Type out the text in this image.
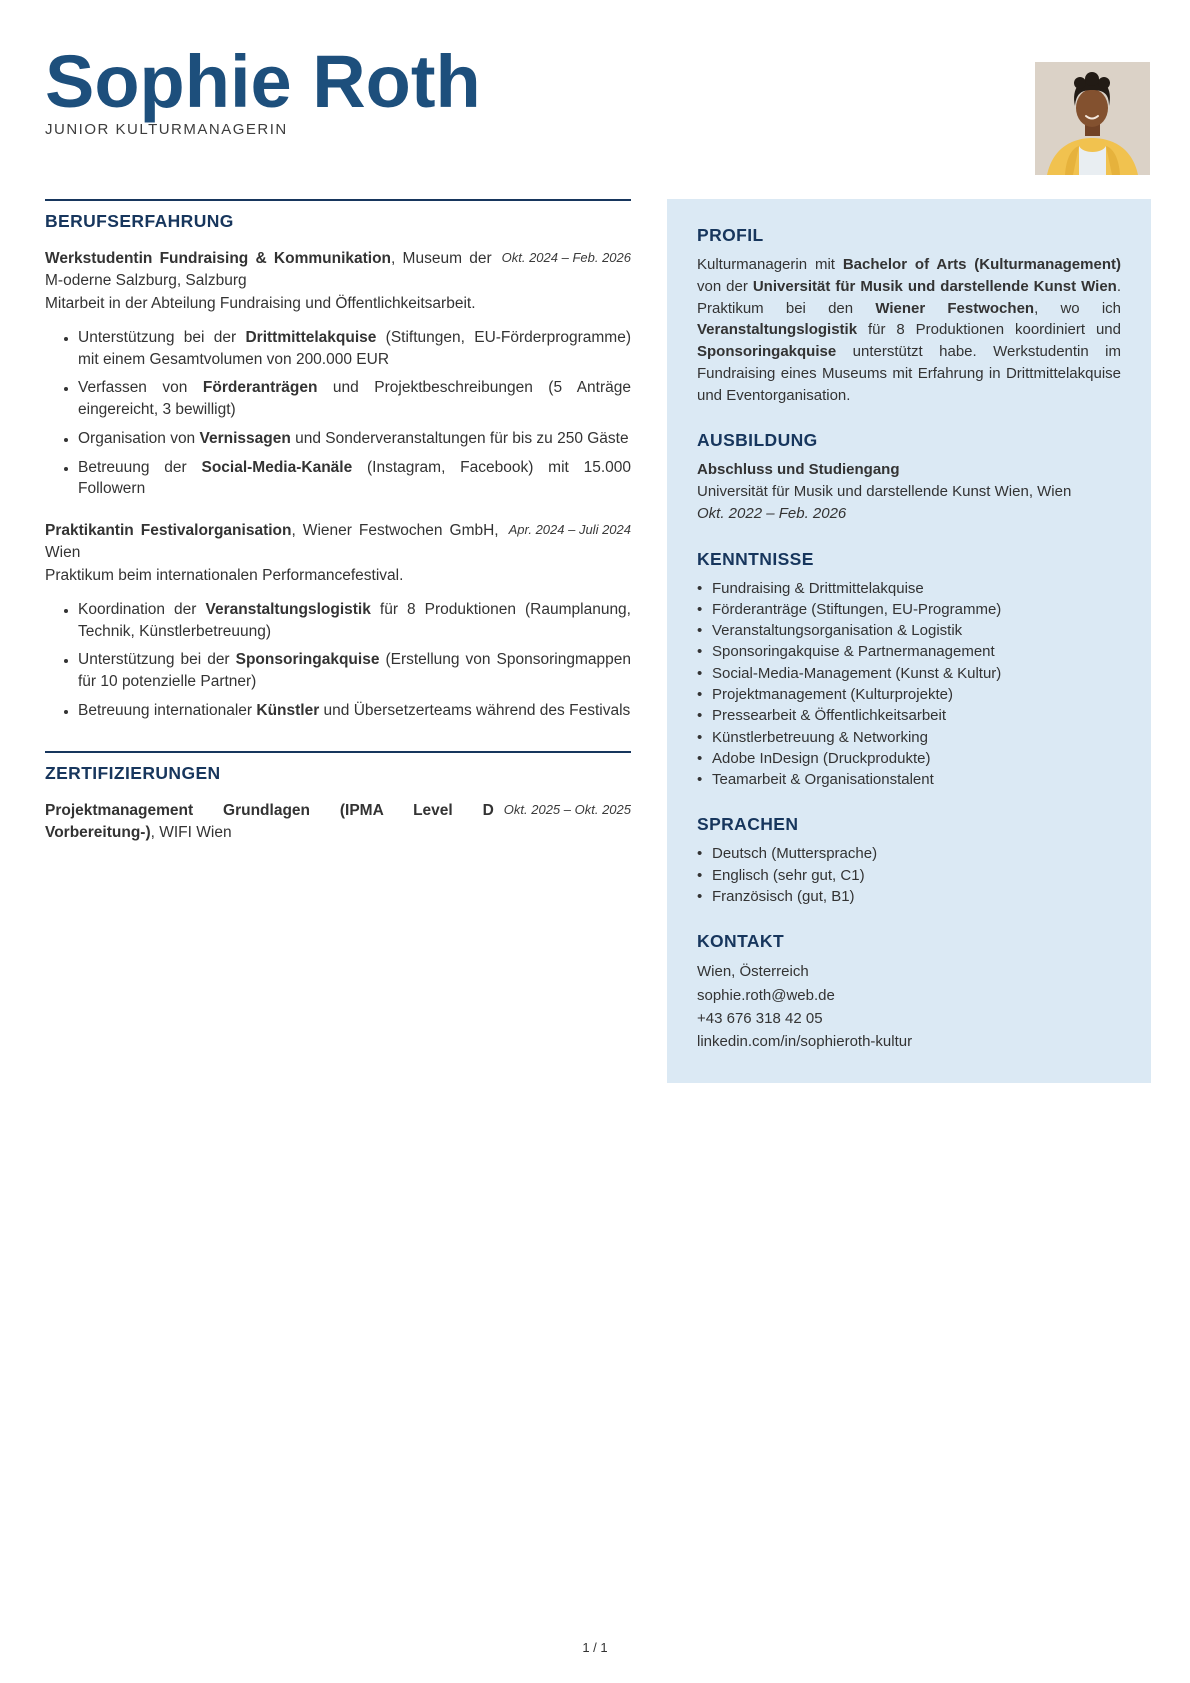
Sophie Roth
JUNIOR KULTURMANAGERIN
BERUFSERFAHRUNG
Werkstudentin Fundraising & Kommunikation, Museum der M-oderne Salzburg, Salzburg
Okt. 2024 – Feb. 2026

Mitarbeit in der Abteilung Fundraising und Öffentlichkeitsarbeit.

• Unterstützung bei der Drittmittelakquise (Stiftungen, EU-Förderprogramme) mit einem Gesamtvolumen von 200.000 EUR
• Verfassen von Förderanträgen und Projektbeschreibungen (5 Anträge eingereicht, 3 bewilligt)
• Organisation von Vernissagen und Sonderveranstaltungen für bis zu 250 Gäste
• Betreuung der Social-Media-Kanäle (Instagram, Facebook) mit 15.000 Followern
Praktikantin Festivalorganisation, Wiener Festwochen GmbH, Wien
Apr. 2024 – Juli 2024

Praktikum beim internationalen Performancefestival.

• Koordination der Veranstaltungslogistik für 8 Produktionen (Raumplanung, Technik, Künstlerbetreuung)
• Unterstützung bei der Sponsoringakquise (Erstellung von Sponsoringmappen für 10 potenzielle Partner)
• Betreuung internationaler Künstler und Übersetzerteams während des Festivals
ZERTIFIZIERUNGEN
Projektmanagement Grundlagen (IPMA Level D Vorbereitung-), WIFI Wien
Okt. 2025 – Okt. 2025
PROFIL

Kulturmanagerin mit Bachelor of Arts (Kulturmanagement) von der Universität für Musik und darstellende Kunst Wien. Praktikum bei den Wiener Festwochen, wo ich Veranstaltungslogistik für 8 Produktionen koordiniert und Sponsoringakquise unterstützt habe. Werkstudentin im Fundraising eines Museums mit Erfahrung in Drittmittelakquise und Eventorganisation.

AUSBILDUNG
Abschluss und Studiengang
Universität für Musik und darstellende Kunst Wien, Wien
Okt. 2022 – Feb. 2026
KENNTNISSE
• Fundraising & Drittmittelakquise
• Förderanträge (Stiftungen, EU-Programme)
• Veranstaltungsorganisation & Logistik
• Sponsoringakquise & Partnermanagement
• Social-Media-Management (Kunst & Kultur)
• Projektmanagement (Kulturprojekte)
• Pressearbeit & Öffentlichkeitsarbeit
• Künstlerbetreuung & Networking
• Adobe InDesign (Druckprodukte)
• Teamarbeit & Organisationstalent
SPRACHEN
• Deutsch (Muttersprache)
• Englisch (sehr gut, C1)
• Französisch (gut, B1)
KONTAKT
Wien, Österreich
sophie.roth@web.de
+43 676 318 42 05
linkedin.com/in/sophieroth-kultur
1 / 1
